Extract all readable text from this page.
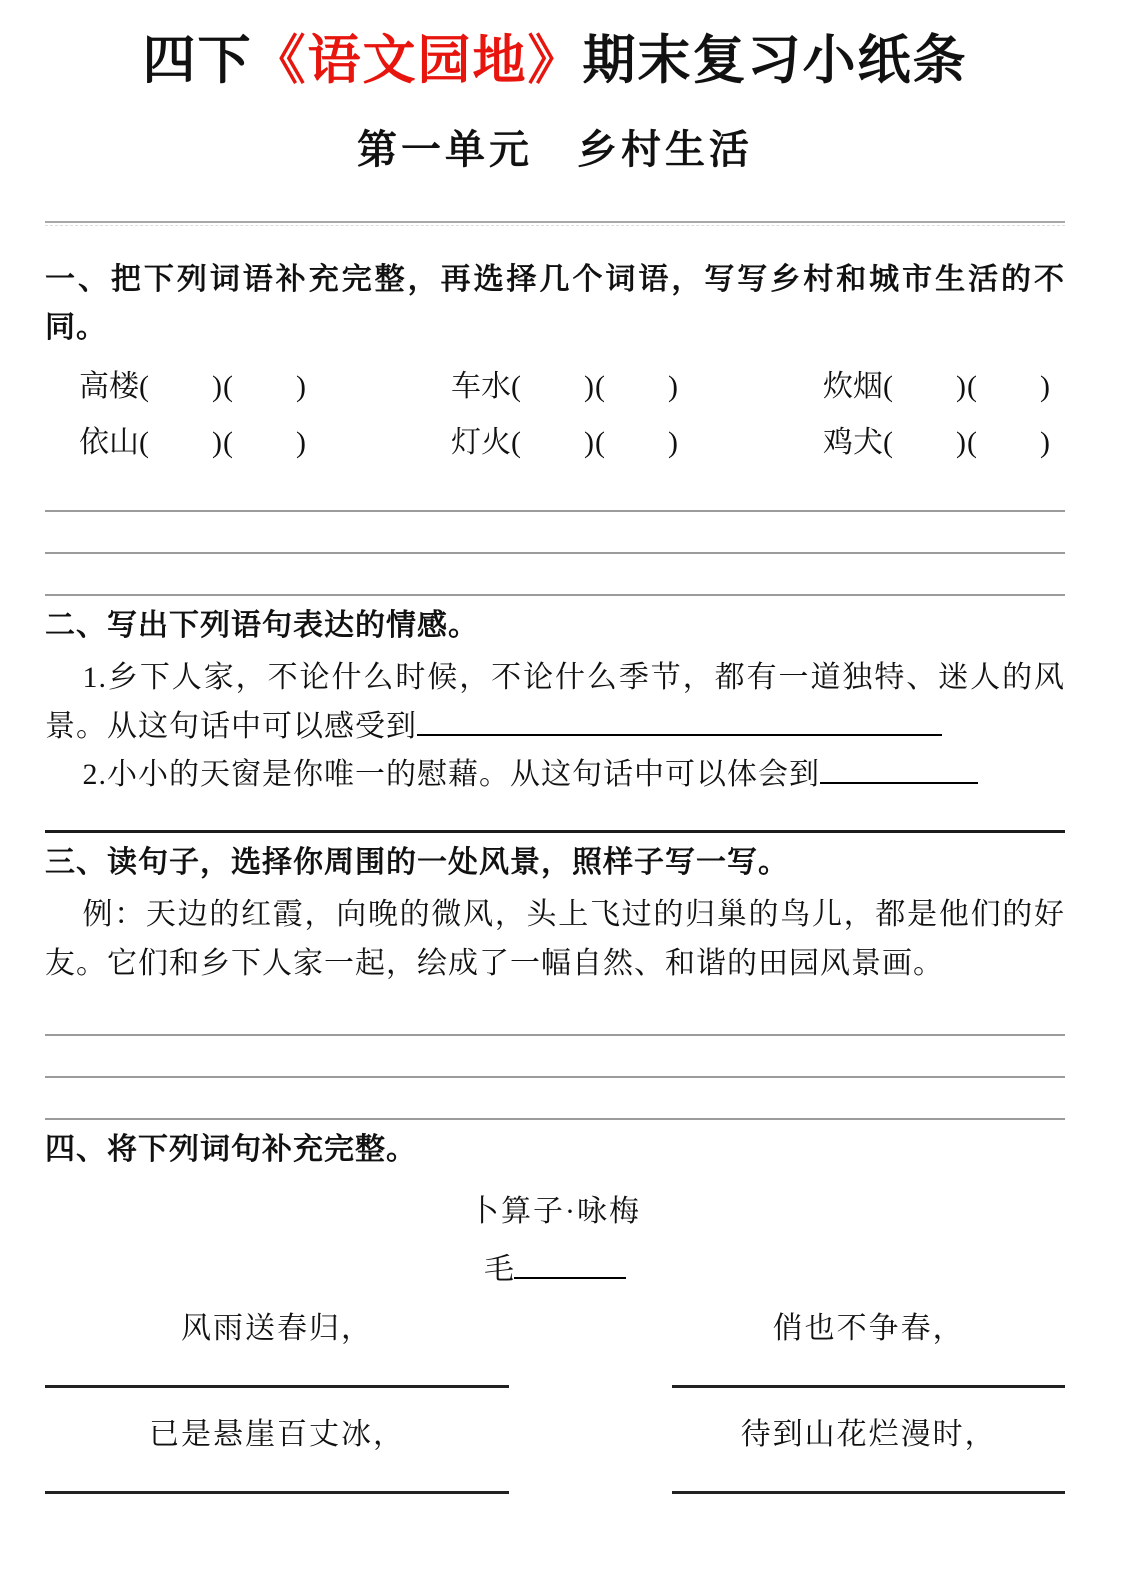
四下《语文园地》期末复习小纸条
第一单元　乡村生活
一、把下列词语补充完整，再选择几个词语，写写乡村和城市生活的不同。
高楼(　　)(　　)	车水(　　)(　　)	炊烟(　　)(　　)
依山(　　)(　　)	灯火(　　)(　　)	鸡犬(　　)(　　)
二、写出下列语句表达的情感。

1.乡下人家，不论什么时候，不论什么季节，都有一道独特、迷人的风景。从这句话中可以感受到

2.小小的天窗是你唯一的慰藉。从这句话中可以体会到

三、读句子，选择你周围的一处风景，照样子写一写。

例：天边的红霞，向晚的微风，头上飞过的归巢的鸟儿，都是他们的好友。它们和乡下人家一起，绘成了一幅自然、和谐的田园风景画。

四、将下列词句补充完整。
卜算子·咏梅
毛
风雨送春归，
已是悬崖百丈冰，
俏也不争春，
待到山花烂漫时，
